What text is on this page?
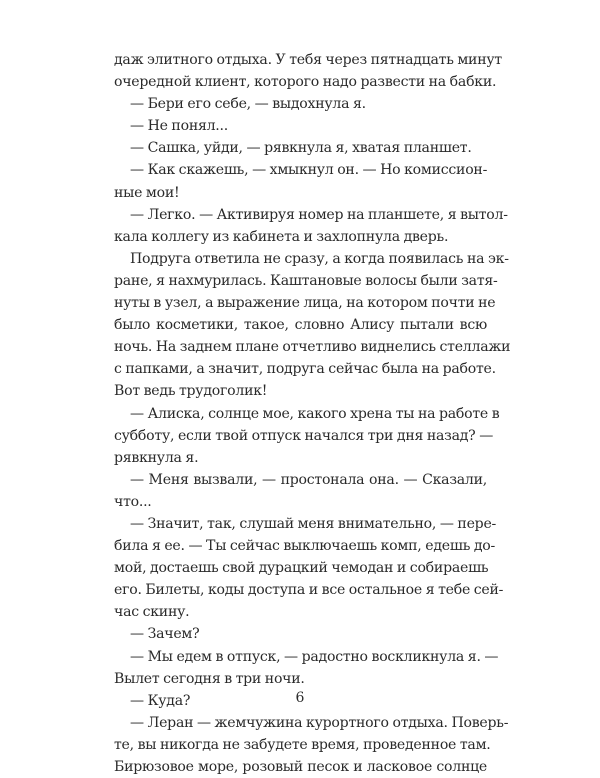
даж элитного отдыха. У тебя через пятнадцать минут
очередной клиент, которого надо развести на бабки.
— Бери его себе, — выдохнула я.
— Не понял...
— Сашка, уйди, — рявкнула я, хватая планшет.
— Как скажешь, — хмыкнул он. — Но комиссион-
ные мои!
— Легко. — Активируя номер на планшете, я вытол-
кала коллегу из кабинета и захлопнула дверь.
Подруга ответила не сразу, а когда появилась на эк-
ране, я нахмурилась. Каштановые волосы были затя-
нуты в узел, а выражение лица, на котором почти не
было косметики, такое, словно Алису пытали всю
ночь. На заднем плане отчетливо виднелись стеллажи
с папками, а значит, подруга сейчас была на работе.
Вот ведь трудоголик!
— Алиска, солнце мое, какого хрена ты на работе в
субботу, если твой отпуск начался три дня назад? —
рявкнула я.
— Меня вызвали, — простонала она. — Сказали,
что...
— Значит, так, слушай меня внимательно, — пере-
била я ее. — Ты сейчас выключаешь комп, едешь до-
мой, достаешь свой дурацкий чемодан и собираешь
его. Билеты, коды доступа и все остальное я тебе сей-
час скину.
— Зачем?
— Мы едем в отпуск, — радостно воскликнула я. —
Вылет сегодня в три ночи.
— Куда?
— Леран — жемчужина курортного отдыха. Поверь-
те, вы никогда не забудете время, проведенное там.
Бирюзовое море, розовый песок и ласковое солнце
6
